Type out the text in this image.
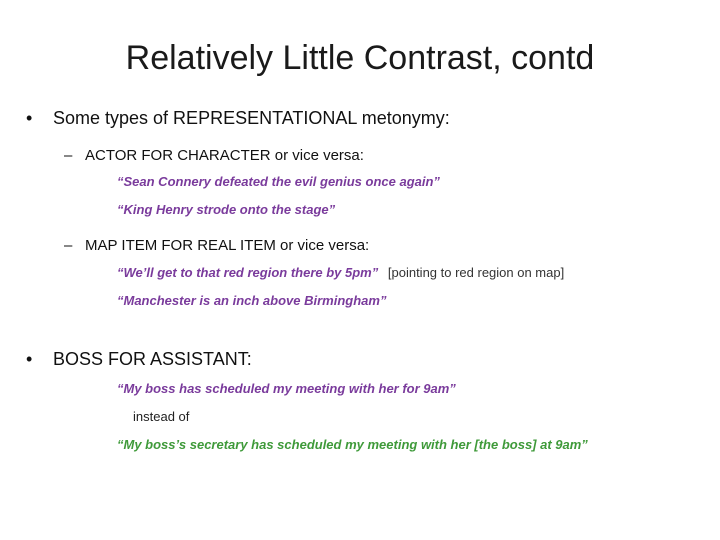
Relatively Little Contrast, contd
• Some types of REPRESENTATIONAL metonymy:
– ACTOR FOR CHARACTER or vice versa:
“Sean Connery defeated the evil genius once again”
“King Henry strode onto the stage”
– MAP ITEM FOR REAL ITEM or vice versa:
“We’ll get to that red region there by 5pm” [pointing to red region on map]
“Manchester is an inch above Birmingham”
• BOSS FOR ASSISTANT:
“My boss has scheduled my meeting with her for 9am”
instead of
“My boss’s secretary has scheduled my meeting with her [the boss] at 9am”
